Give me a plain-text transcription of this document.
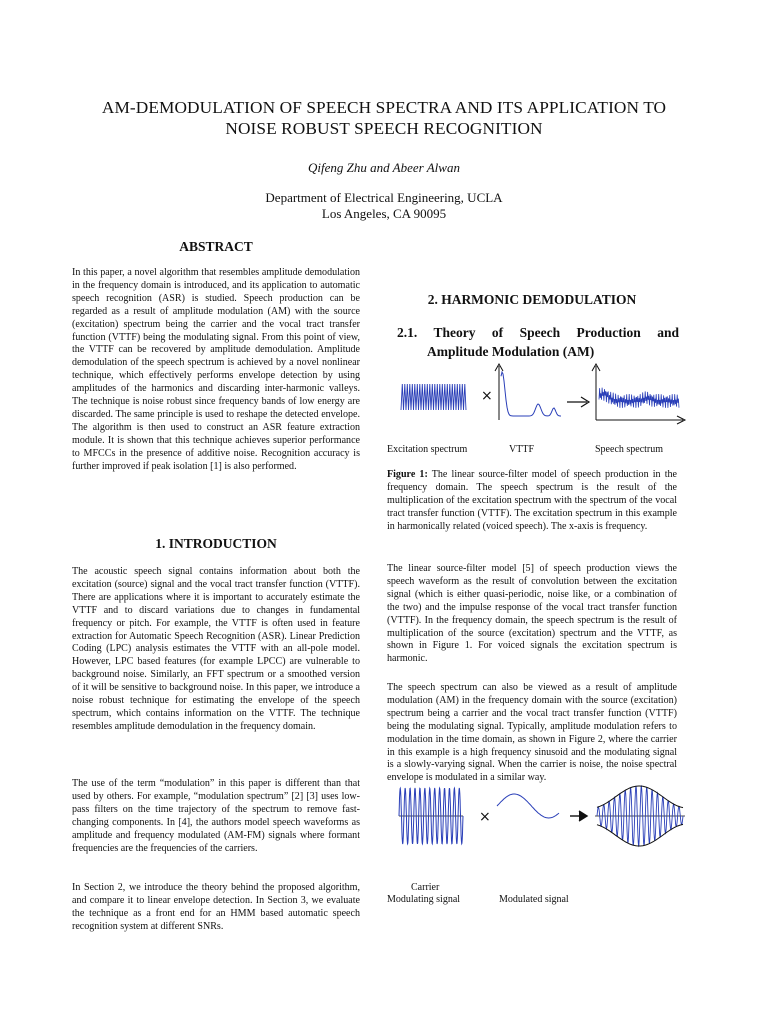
AM-DEMODULATION OF SPEECH SPECTRA AND ITS APPLICATION TO
NOISE ROBUST SPEECH RECOGNITION
Qifeng Zhu and Abeer Alwan
Department of Electrical Engineering, UCLA
Los Angeles, CA 90095
ABSTRACT
In this paper, a novel algorithm that resembles amplitude demodulation in the frequency domain is introduced, and its application to automatic speech recognition (ASR) is studied. Speech production can be regarded as a result of amplitude modulation (AM) with the source (excitation) spectrum being the carrier and the vocal tract transfer function (VTTF) being the modulating signal. From this point of view, the VTTF can be recovered by amplitude demodulation. Amplitude demodulation of the speech spectrum is achieved by a novel nonlinear technique, which effectively performs envelope detection by using amplitudes of the harmonics and discarding inter-harmonic valleys. The technique is noise robust since frequency bands of low energy are discarded. The same principle is used to reshape the detected envelope. The algorithm is then used to construct an ASR feature extraction module. It is shown that this technique achieves superior performance to MFCCs in the presence of additive noise. Recognition accuracy is further improved if peak isolation [1] is also performed.
1. INTRODUCTION
The acoustic speech signal contains information about both the excitation (source) signal and the vocal tract transfer function (VTTF). There are applications where it is important to accurately estimate the VTTF and to discard variations due to changes in fundamental frequency or pitch. For example, the VTTF is often used in feature extraction for Automatic Speech Recognition (ASR). Linear Prediction Coding (LPC) analysis estimates the VTTF with an all-pole model. However, LPC based features (for example LPCC) are vulnerable to background noise. Similarly, an FFT spectrum or a smoothed version of it will be sensitive to background noise. In this paper, we introduce a noise robust technique for estimating the envelope of the speech spectrum, which contains information on the VTTF. The technique resembles amplitude demodulation in the frequency domain.
The use of the term “modulation” in this paper is different than that used by others. For example, “modulation spectrum” [2] [3] uses low-pass filters on the time trajectory of the spectrum to remove fast-changing components. In [4], the authors model speech waveforms as amplitude and frequency modulated (AM-FM) signals where formant frequencies are the frequencies of the carriers.
In Section 2, we introduce the theory behind the proposed algorithm, and compare it to linear envelope detection. In Section 3, we evaluate the technique as a front end for an HMM based automatic speech recognition system at different SNRs.
2. HARMONIC DEMODULATION
2.1. Theory of Speech Production and
Amplitude Modulation (AM)
×
Excitation spectrum	VTTF	Speech spectrum
Figure 1: The linear source-filter model of speech production in the frequency domain. The speech spectrum is the result of the multiplication of the excitation spectrum with the spectrum of the vocal tract transfer function (VTTF). The excitation spectrum in this example in harmonically related (voiced speech). The x-axis is frequency.
The linear source-filter model [5] of speech production views the speech waveform as the result of convolution between the excitation signal (which is either quasi-periodic, noise like, or a combination of the two) and the impulse response of the vocal tract transfer function (VTTF). In the frequency domain, the speech spectrum is the result of multiplication of the source (excitation) spectrum and the VTTF, as shown in Figure 1. For voiced signals the excitation spectrum is harmonic.
The speech spectrum can also be viewed as a result of amplitude modulation (AM) in the frequency domain with the source (excitation) spectrum being a carrier and the vocal tract transfer function (VTTF) being the modulating signal. Typically, amplitude modulation refers to modulation in the time domain, as shown in Figure 2, where the carrier in this example is a high frequency sinusoid and the modulating signal is a slowly-varying signal. When the carrier is noise, the noise spectral envelope is modulated in a similar way.
×
Carrier
Modulating signal	Modulated signal
